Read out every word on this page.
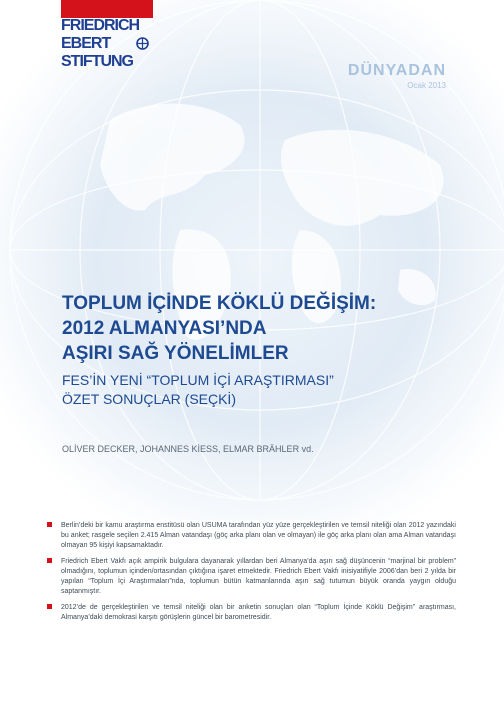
FRIEDRICH
EBERT
STIFTUNG
DÜNYADAN
Ocak 2013
TOPLUM İÇİNDE KÖKLÜ DEĞİŞİM:
2012 ALMANYASI’NDA
AŞIRI SAĞ YÖNELİMLER
FES’İN YENİ “TOPLUM İÇİ ARAŞTIRMASI”
ÖZET SONUÇLAR (SEÇKİ)
OLİVER DECKER, JOHANNES KİESS, ELMAR BRÄHLER vd.
Berlin’deki bir kamu araştırma enstitüsü olan USUMA tarafından yüz yüze gerçekleştirilen ve temsil niteliği olan 2012 yazındaki bu anket; rasgele seçilen 2.415 Alman vatandaşı (göç arka planı olan ve olmayan) ile göç arka planı olan ama Alman vatandaşı olmayan 95 kişiyi kapsamaktadır.
Friedrich Ebert Vakfı açık ampirik bulgulara dayanarak yıllardan beri Almanya’da aşırı sağ düşüncenin “marjinal bir problem” olmadığını, toplumun içinden/ortasından çıktığına işaret etmektedir. Friedrich Ebert Vakfı inisiyatifiyle 2006’dan beri 2 yılda bir yapılan “Toplum İçi Araştırmaları”nda, toplumun bütün katmanlarında aşırı sağ tutumun büyük oranda yaygın olduğu saptanmıştır.
2012’de de gerçekleştirilen ve temsil niteliği olan bir anketin sonuçları olan “Toplum İçinde Köklü Değişim” araştırması, Almanya’daki demokrasi karşıtı görüşlerin güncel bir barometresidir.
